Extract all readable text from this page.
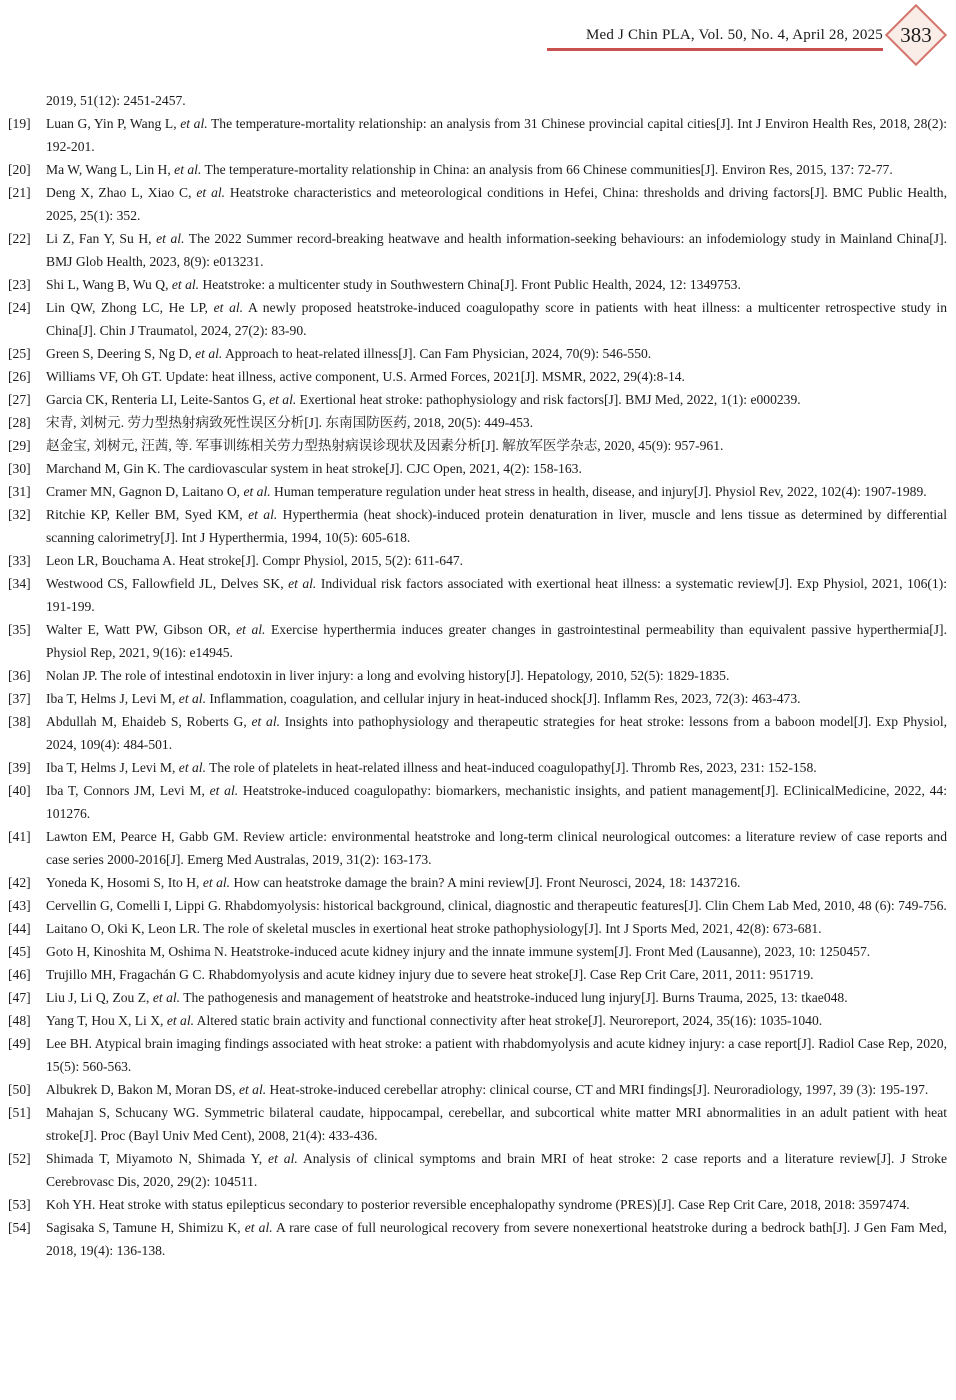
Med J Chin PLA, Vol. 50, No. 4, April 28, 2025 383
2019, 51(12): 2451-2457.
[19] Luan G, Yin P, Wang L, et al. The temperature-mortality relationship: an analysis from 31 Chinese provincial capital cities[J]. Int J Environ Health Res, 2018, 28(2): 192-201.
[20] Ma W, Wang L, Lin H, et al. The temperature-mortality relationship in China: an analysis from 66 Chinese communities[J]. Environ Res, 2015, 137: 72-77.
[21] Deng X, Zhao L, Xiao C, et al. Heatstroke characteristics and meteorological conditions in Hefei, China: thresholds and driving factors[J]. BMC Public Health, 2025, 25(1): 352.
[22] Li Z, Fan Y, Su H, et al. The 2022 Summer record-breaking heatwave and health information-seeking behaviours: an infodemiology study in Mainland China[J]. BMJ Glob Health, 2023, 8(9): e013231.
[23] Shi L, Wang B, Wu Q, et al. Heatstroke: a multicenter study in Southwestern China[J]. Front Public Health, 2024, 12: 1349753.
[24] Lin QW, Zhong LC, He LP, et al. A newly proposed heatstroke-induced coagulopathy score in patients with heat illness: a multicenter retrospective study in China[J]. Chin J Traumatol, 2024, 27(2): 83-90.
[25] Green S, Deering S, Ng D, et al. Approach to heat-related illness[J]. Can Fam Physician, 2024, 70(9): 546-550.
[26] Williams VF, Oh GT. Update: heat illness, active component, U.S. Armed Forces, 2021[J]. MSMR, 2022, 29(4):8-14.
[27] Garcia CK, Renteria LI, Leite-Santos G, et al. Exertional heat stroke: pathophysiology and risk factors[J]. BMJ Med, 2022, 1(1): e000239.
[28] 宋青, 刘树元. 劳力型热射病致死性误区分析[J]. 东南国防医药, 2018, 20(5): 449-453.
[29] 赵金宝, 刘树元, 汪茜, 等. 军事训练相关劳力型热射病误诊现状及因素分析[J]. 解放军医学杂志, 2020, 45(9): 957-961.
[30] Marchand M, Gin K. The cardiovascular system in heat stroke[J]. CJC Open, 2021, 4(2): 158-163.
[31] Cramer MN, Gagnon D, Laitano O, et al. Human temperature regulation under heat stress in health, disease, and injury[J]. Physiol Rev, 2022, 102(4): 1907-1989.
[32] Ritchie KP, Keller BM, Syed KM, et al. Hyperthermia (heat shock)-induced protein denaturation in liver, muscle and lens tissue as determined by differential scanning calorimetry[J]. Int J Hyperthermia, 1994, 10(5): 605-618.
[33] Leon LR, Bouchama A. Heat stroke[J]. Compr Physiol, 2015, 5(2): 611-647.
[34] Westwood CS, Fallowfield JL, Delves SK, et al. Individual risk factors associated with exertional heat illness: a systematic review[J]. Exp Physiol, 2021, 106(1): 191-199.
[35] Walter E, Watt PW, Gibson OR, et al. Exercise hyperthermia induces greater changes in gastrointestinal permeability than equivalent passive hyperthermia[J]. Physiol Rep, 2021, 9(16): e14945.
[36] Nolan JP. The role of intestinal endotoxin in liver injury: a long and evolving history[J]. Hepatology, 2010, 52(5): 1829-1835.
[37] Iba T, Helms J, Levi M, et al. Inflammation, coagulation, and cellular injury in heat-induced shock[J]. Inflamm Res, 2023, 72(3): 463-473.
[38] Abdullah M, Ehaideb S, Roberts G, et al. Insights into pathophysiology and therapeutic strategies for heat stroke: lessons from a baboon model[J]. Exp Physiol, 2024, 109(4): 484-501.
[39] Iba T, Helms J, Levi M, et al. The role of platelets in heat-related illness and heat-induced coagulopathy[J]. Thromb Res, 2023, 231: 152-158.
[40] Iba T, Connors JM, Levi M, et al. Heatstroke-induced coagulopathy: biomarkers, mechanistic insights, and patient management[J]. EClinicalMedicine, 2022, 44: 101276.
[41] Lawton EM, Pearce H, Gabb GM. Review article: environmental heatstroke and long-term clinical neurological outcomes: a literature review of case reports and case series 2000-2016[J]. Emerg Med Australas, 2019, 31(2): 163-173.
[42] Yoneda K, Hosomi S, Ito H, et al. How can heatstroke damage the brain? A mini review[J]. Front Neurosci, 2024, 18: 1437216.
[43] Cervellin G, Comelli I, Lippi G. Rhabdomyolysis: historical background, clinical, diagnostic and therapeutic features[J]. Clin Chem Lab Med, 2010, 48 (6): 749-756.
[44] Laitano O, Oki K, Leon LR. The role of skeletal muscles in exertional heat stroke pathophysiology[J]. Int J Sports Med, 2021, 42(8): 673-681.
[45] Goto H, Kinoshita M, Oshima N. Heatstroke-induced acute kidney injury and the innate immune system[J]. Front Med (Lausanne), 2023, 10: 1250457.
[46] Trujillo MH, Fragachán G C. Rhabdomyolysis and acute kidney injury due to severe heat stroke[J]. Case Rep Crit Care, 2011, 2011: 951719.
[47] Liu J, Li Q, Zou Z, et al. The pathogenesis and management of heatstroke and heatstroke-induced lung injury[J]. Burns Trauma, 2025, 13: tkae048.
[48] Yang T, Hou X, Li X, et al. Altered static brain activity and functional connectivity after heat stroke[J]. Neuroreport, 2024, 35(16): 1035-1040.
[49] Lee BH. Atypical brain imaging findings associated with heat stroke: a patient with rhabdomyolysis and acute kidney injury: a case report[J]. Radiol Case Rep, 2020, 15(5): 560-563.
[50] Albukrek D, Bakon M, Moran DS, et al. Heat-stroke-induced cerebellar atrophy: clinical course, CT and MRI findings[J]. Neuroradiology, 1997, 39 (3): 195-197.
[51] Mahajan S, Schucany WG. Symmetric bilateral caudate, hippocampal, cerebellar, and subcortical white matter MRI abnormalities in an adult patient with heat stroke[J]. Proc (Bayl Univ Med Cent), 2008, 21(4): 433-436.
[52] Shimada T, Miyamoto N, Shimada Y, et al. Analysis of clinical symptoms and brain MRI of heat stroke: 2 case reports and a literature review[J]. J Stroke Cerebrovasc Dis, 2020, 29(2): 104511.
[53] Koh YH. Heat stroke with status epilepticus secondary to posterior reversible encephalopathy syndrome (PRES)[J]. Case Rep Crit Care, 2018, 2018: 3597474.
[54] Sagisaka S, Tamune H, Shimizu K, et al. A rare case of full neurological recovery from severe nonexertional heatstroke during a bedrock bath[J]. J Gen Fam Med, 2018, 19(4): 136-138.
